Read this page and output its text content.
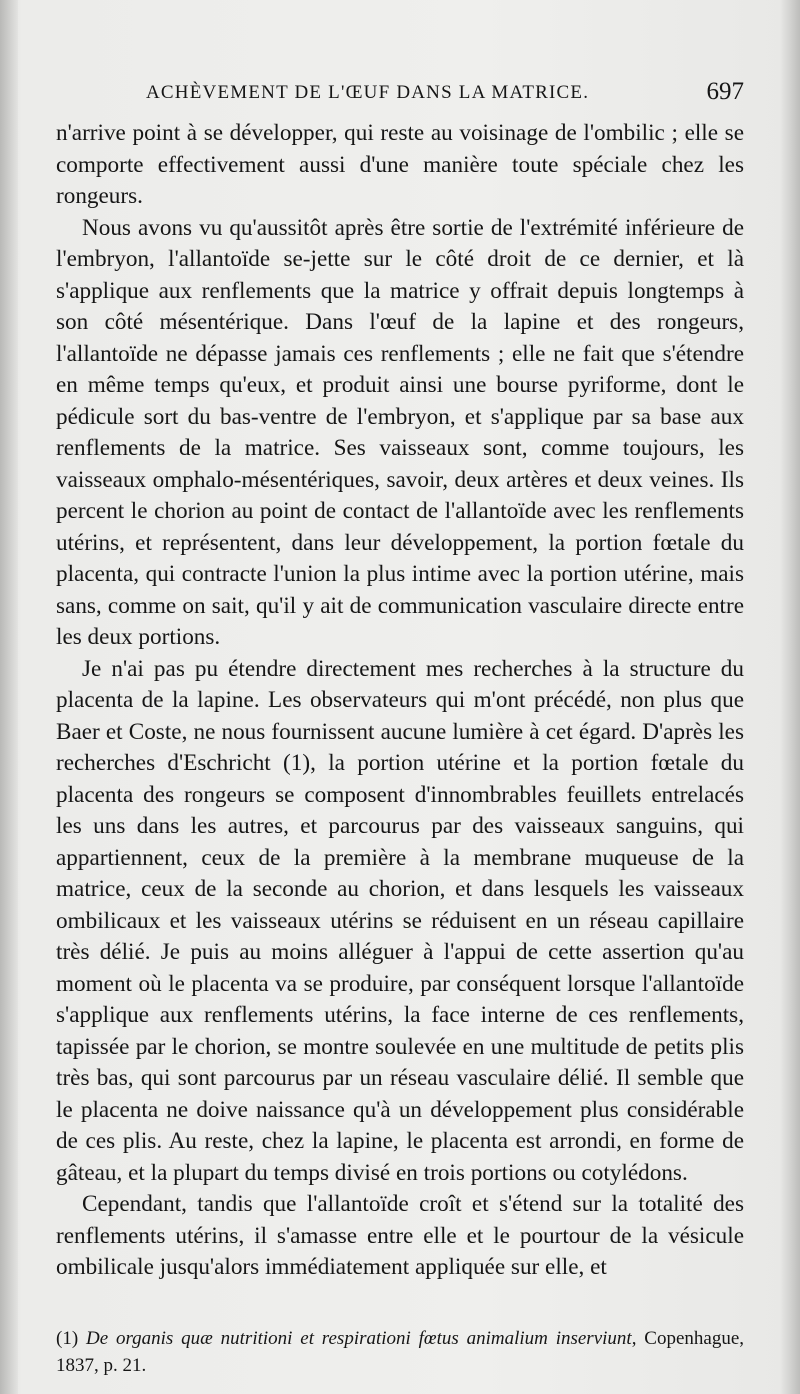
ACHÈVEMENT DE L'ŒUF DANS LA MATRICE.	697

n'arrive point à se développer, qui reste au voisinage de l'ombilic ; elle se comporte effectivement aussi d'une manière toute spéciale chez les rongeurs.

Nous avons vu qu'aussitôt après être sortie de l'extrémité inférieure de l'embryon, l'allantoïde se-jette sur le côté droit de ce dernier, et là s'applique aux renflements que la matrice y offrait depuis longtemps à son côté mésentérique. Dans l'œuf de la lapine et des rongeurs, l'allantoïde ne dépasse jamais ces renflements ; elle ne fait que s'étendre en même temps qu'eux, et produit ainsi une bourse pyriforme, dont le pédicule sort du bas-ventre de l'embryon, et s'applique par sa base aux renflements de la matrice. Ses vaisseaux sont, comme toujours, les vaisseaux omphalo-mésentériques, savoir, deux artères et deux veines. Ils percent le chorion au point de contact de l'allantoïde avec les renflements utérins, et représentent, dans leur développement, la portion fœtale du placenta, qui contracte l'union la plus intime avec la portion utérine, mais sans, comme on sait, qu'il y ait de communication vasculaire directe entre les deux portions.

Je n'ai pas pu étendre directement mes recherches à la structure du placenta de la lapine. Les observateurs qui m'ont précédé, non plus que Baer et Coste, ne nous fournissent aucune lumière à cet égard. D'après les recherches d'Eschricht (1), la portion utérine et la portion fœtale du placenta des rongeurs se composent d'innombrables feuillets entrelacés les uns dans les autres, et parcourus par des vaisseaux sanguins, qui appartiennent, ceux de la première à la membrane muqueuse de la matrice, ceux de la seconde au chorion, et dans lesquels les vaisseaux ombilicaux et les vaisseaux utérins se réduisent en un réseau capillaire très délié. Je puis au moins alléguer à l'appui de cette assertion qu'au moment où le placenta va se produire, par conséquent lorsque l'allantoïde s'applique aux renflements utérins, la face interne de ces renflements, tapissée par le chorion, se montre soulevée en une multitude de petits plis très bas, qui sont parcourus par un réseau vasculaire délié. Il semble que le placenta ne doive naissance qu'à un développement plus considérable de ces plis. Au reste, chez la lapine, le placenta est arrondi, en forme de gâteau, et la plupart du temps divisé en trois portions ou cotylédons.

Cependant, tandis que l'allantoïde croît et s'étend sur la totalité des renflements utérins, il s'amasse entre elle et le pourtour de la vésicule ombilicale jusqu'alors immédiatement appliquée sur elle, et

(1) De organis quæ nutritioni et respirationi fœtus animalium inserviunt, Copenhague, 1837, p. 21.
